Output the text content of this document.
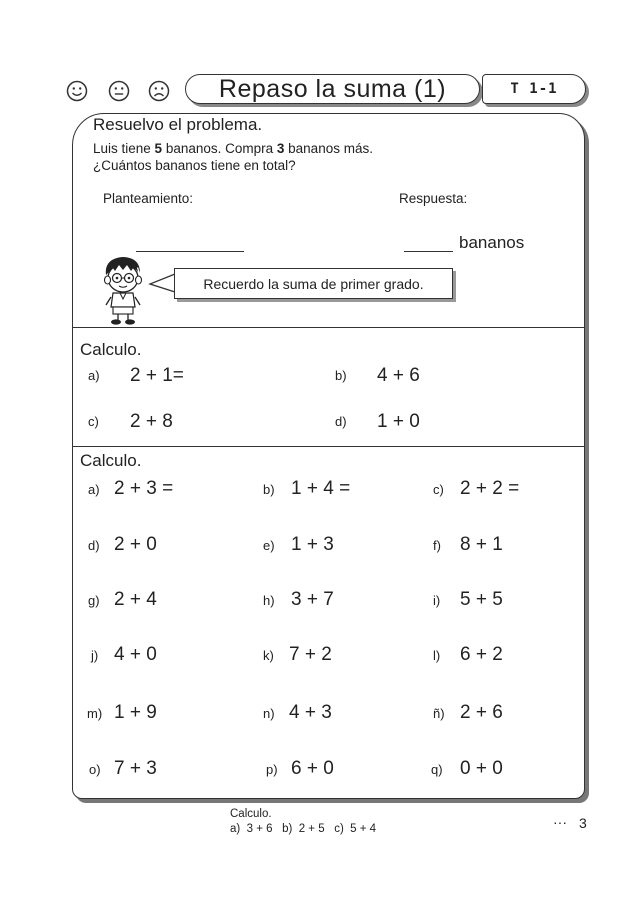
Repaso la suma (1)	T 1-1
Resuelvo el problema.
Luis tiene 5 bananos. Compra 3 bananos más.
¿Cuántos bananos tiene en total?
Planteamiento:	Respuesta:
bananos
Recuerdo la suma de primer grado.
Calculo.
a) 2 + 1=	b) 4 + 6
c) 2 + 8	d) 1 + 0
Calculo.
a) 2 + 3 =	b) 1 + 4 =	c) 2 + 2 =
d) 2 + 0	e) 1 + 3	f) 8 + 1
g) 2 + 4	h) 3 + 7	i) 5 + 5
j) 4 + 0	k) 7 + 2	l) 6 + 2
m) 1 + 9	n) 4 + 3	ñ) 2 + 6
o) 7 + 3	p) 6 + 0	q) 0 + 0
Calculo.
a)  3 + 6   b)  2 + 5   c)  5 + 4	··· 3
